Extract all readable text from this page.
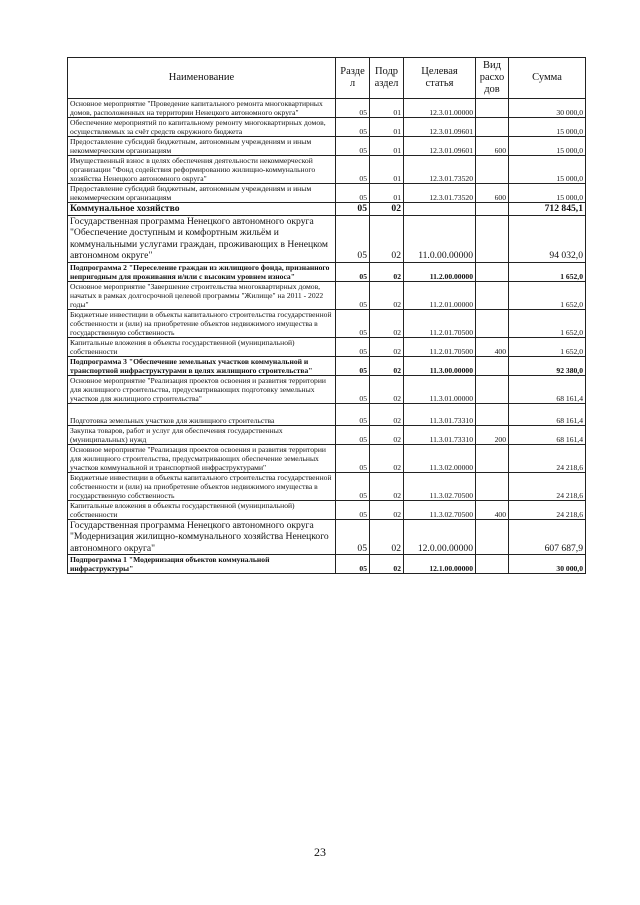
Наименование	Разде л	Подр аздел	Целевая статья	Вид расхо дов	Сумма
Основное мероприятие "Проведение капитального ремонта многоквартирных домов, расположенных на территории Ненецкого автономного округа"	05	01	12.3.01.00000		30 000,0
Обеспечение мероприятий по капитальному ремонту многоквартирных домов, осуществляемых за счёт средств окружного бюджета	05	01	12.3.01.09601		15 000,0
Предоставление субсидий бюджетным, автономным учреждениям и иным некоммерческим организациям	05	01	12.3.01.09601	600	15 000,0
Имущественный взнос в целях обеспечения деятельности некоммерческой организации "Фонд содействия реформированию жилищно-коммунального хозяйства Ненецкого автономного округа"	05	01	12.3.01.73520		15 000,0
Предоставление субсидий бюджетным, автономным учреждениям и иным некоммерческим организациям	05	01	12.3.01.73520	600	15 000,0
Коммунальное хозяйство	05	02			712 845,1
Государственная программа Ненецкого автономного округа "Обеспечение доступным и комфортным жильём и коммунальными услугами граждан, проживающих в Ненецком автономном округе"	05	02	11.0.00.00000		94 032,0
Подпрограмма 2 "Переселение граждан из жилищного фонда, признанного непригодным для проживания и/или с высоким уровнем износа"	05	02	11.2.00.00000		1 652,0
Основное мероприятие "Завершение строительства многоквартирных домов, начатых в рамках долгосрочной целевой программы "Жилище" на 2011 - 2022 годы"	05	02	11.2.01.00000		1 652,0
Бюджетные инвестиции в объекты капитального строительства государственной собственности и (или) на приобретение объектов недвижимого имущества в государственную собственность	05	02	11.2.01.70500		1 652,0
Капитальные вложения в объекты государственной (муниципальной) собственности	05	02	11.2.01.70500	400	1 652,0
Подпрограмма 3 "Обеспечение земельных участков коммунальной и транспортной инфраструктурами в целях жилищного строительства"	05	02	11.3.00.00000		92 380,0
Основное мероприятие "Реализация проектов освоения и развития территории для жилищного строительства, предусматривающих подготовку земельных участков для жилищного строительства"	05	02	11.3.01.00000		68 161,4
Подготовка земельных участков для жилищного строительства	05	02	11.3.01.73310		68 161,4
Закупка товаров, работ и услуг для обеспечения государственных (муниципальных) нужд	05	02	11.3.01.73310	200	68 161,4
Основное мероприятие "Реализация проектов освоения и развития территории для жилищного строительства, предусматривающих обеспечение земельных участков коммунальной и транспортной инфраструктурами"	05	02	11.3.02.00000		24 218,6
Бюджетные инвестиции в объекты капитального строительства государственной собственности и (или) на приобретение объектов недвижимого имущества в государственную собственность	05	02	11.3.02.70500		24 218,6
Капитальные вложения в объекты государственной (муниципальной) собственности	05	02	11.3.02.70500	400	24 218,6
Государственная программа Ненецкого автономного округа "Модернизация жилищно-коммунального хозяйства Ненецкого автономного округа"	05	02	12.0.00.00000		607 687,9
Подпрограмма 1 "Модернизация объектов коммунальной инфраструктуры"	05	02	12.1.00.00000		30 000,0
23
